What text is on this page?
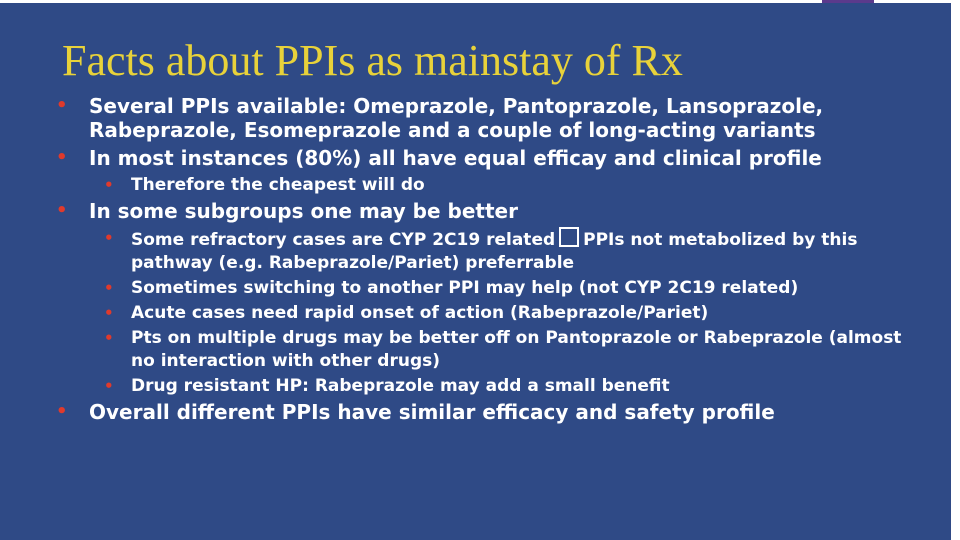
Facts about PPIs as mainstay of Rx
• Several PPIs available: Omeprazole, Pantoprazole, Lansoprazole, Rabeprazole, Esomeprazole and a couple of long-acting variants
• In most instances (80%) all have equal efficay and clinical profile
• Therefore the cheapest will do
• In some subgroups one may be better
• Some refractory cases are CYP 2C19 related PPIs not metabolized by this pathway (e.g. Rabeprazole/Pariet) preferrable
• Sometimes switching to another PPI may help (not CYP 2C19 related)
• Acute cases need rapid onset of action (Rabeprazole/Pariet)
• Pts on multiple drugs may be better off on Pantoprazole or Rabeprazole (almost no interaction with other drugs)
• Drug resistant HP: Rabeprazole may add a small benefit
• Overall different PPIs have similar efficacy and safety profile
